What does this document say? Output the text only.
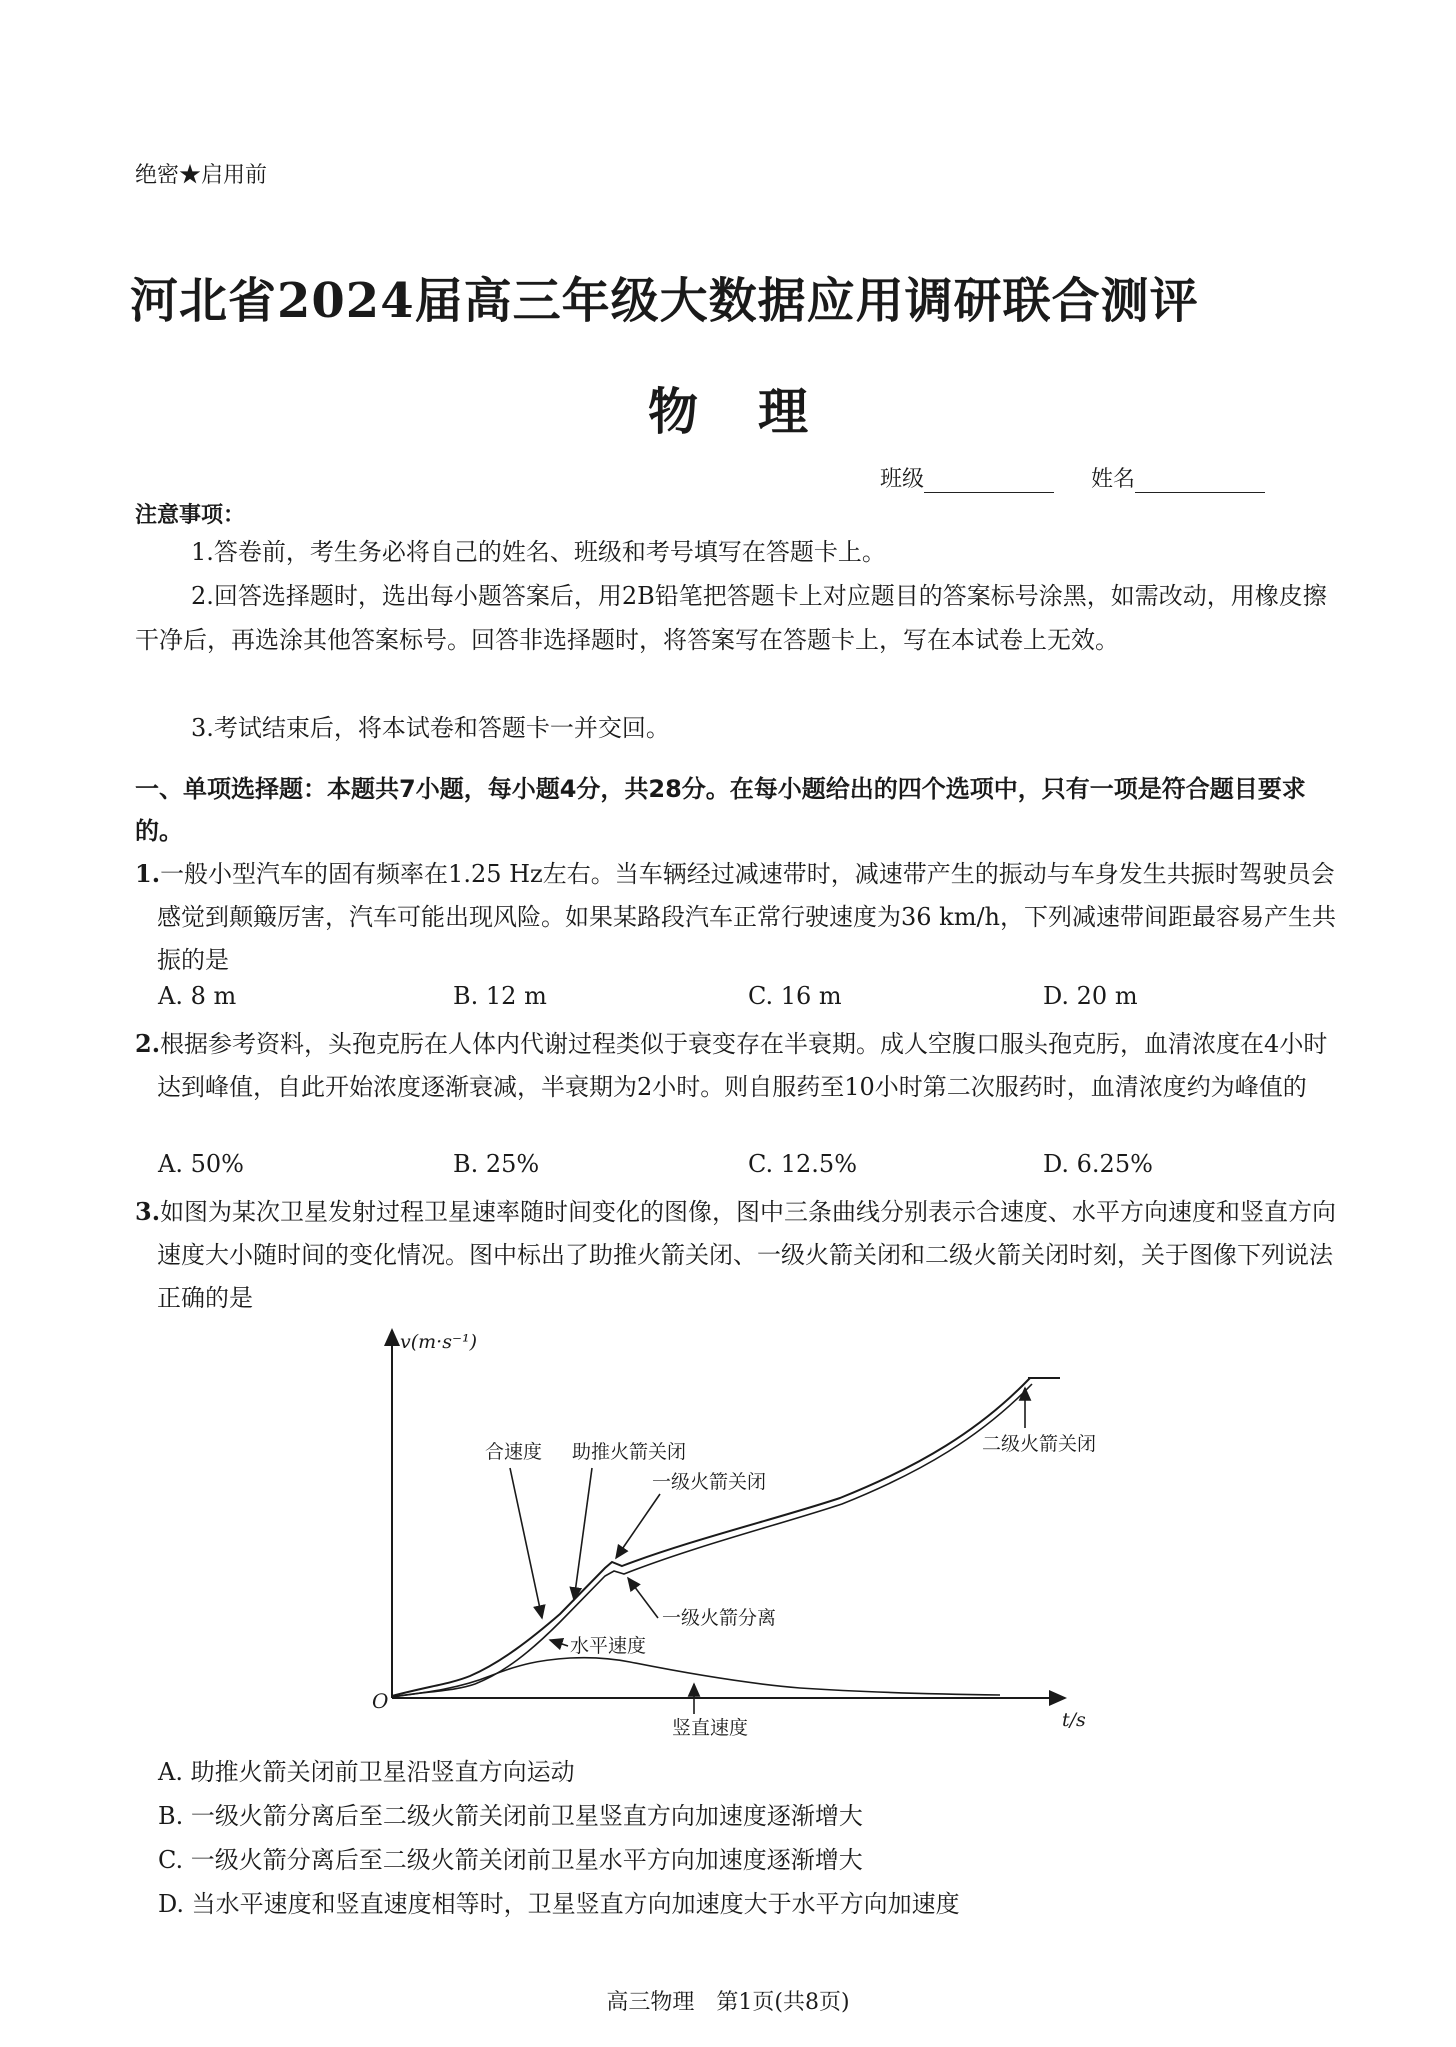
绝密★启用前
河北省2024届高三年级大数据应用调研联合测评
物理
班级	姓名
注意事项：
1.答卷前，考生务必将自己的姓名、班级和考号填写在答题卡上。
2.回答选择题时，选出每小题答案后，用2B铅笔把答题卡上对应题目的答案标号涂黑，如需改动，用橡皮擦干净后，再选涂其他答案标号。回答非选择题时，将答案写在答题卡上，写在本试卷上无效。
3.考试结束后，将本试卷和答题卡一并交回。
一、单项选择题：本题共7小题，每小题4分，共28分。在每小题给出的四个选项中，只有一项是符合题目要求的。
1.一般小型汽车的固有频率在1.25 Hz左右。当车辆经过减速带时，减速带产生的振动与车身发生共振时驾驶员会感觉到颠簸厉害，汽车可能出现风险。如果某路段汽车正常行驶速度为36 km/h，下列减速带间距最容易产生共振的是
A. 8 m	B. 12 m	C. 16 m	D. 20 m
2.根据参考资料，头孢克肟在人体内代谢过程类似于衰变存在半衰期。成人空腹口服头孢克肟，血清浓度在4小时达到峰值，自此开始浓度逐渐衰减，半衰期为2小时。则自服药至10小时第二次服药时，血清浓度约为峰值的
A. 50%	B. 25%	C. 12.5%	D. 6.25%
3.如图为某次卫星发射过程卫星速率随时间变化的图像，图中三条曲线分别表示合速度、水平方向速度和竖直方向速度大小随时间的变化情况。图中标出了助推火箭关闭、一级火箭关闭和二级火箭关闭时刻，关于图像下列说法正确的是
v(m·s⁻¹)
t/s
O
合速度 助推火箭关闭
一级火箭关闭
一级火箭分离
水平速度
竖直速度
二级火箭关闭
A. 助推火箭关闭前卫星沿竖直方向运动
B. 一级火箭分离后至二级火箭关闭前卫星竖直方向加速度逐渐增大
C. 一级火箭分离后至二级火箭关闭前卫星水平方向加速度逐渐增大
D. 当水平速度和竖直速度相等时，卫星竖直方向加速度大于水平方向加速度
高三物理　第1页(共8页)
